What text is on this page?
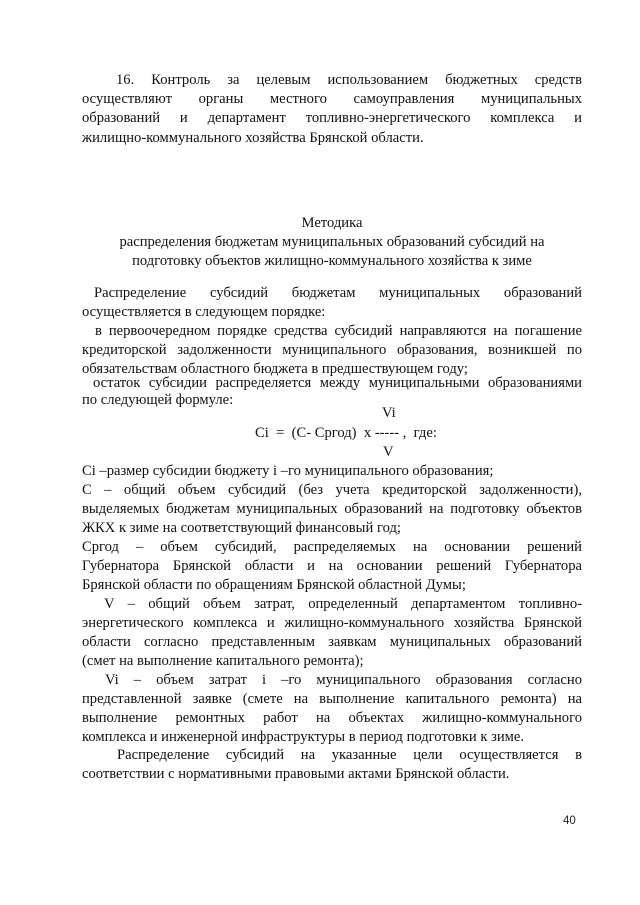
16. Контроль за целевым использованием бюджетных средств
осуществляют органы местного самоуправления муниципальных
образований и департамент топливно-энергетического комплекса и
жилищно-коммунального хозяйства Брянской области.
Методика
распределения бюджетам муниципальных образований субсидий на
подготовку объектов жилищно-коммунального хозяйства к зиме
Распределение субсидий бюджетам муниципальных образований
осуществляется в следующем порядке:
в первоочередном порядке средства субсидий направляются на погашение
кредиторской задолженности муниципального образования, возникшей по
обязательствам областного бюджета в предшествующем году;
остаток субсидии распределяется между муниципальными образованиями
по следующей формуле:
Vi
Ci  =  (С- Сргод)  х ----- ,  где:
V
Ci –размер субсидии бюджету i –го муниципального образования;
С – общий объем субсидий (без учета кредиторской задолженности),
выделяемых бюджетам муниципальных образований на подготовку объектов
ЖКХ к зиме на соответствующий финансовый год;
Сргод – объем субсидий, распределяемых на основании решений
Губернатора Брянской области и на основании решений Губернатора
Брянской области по обращениям Брянской областной Думы;
V – общий объем затрат, определенный департаментом топливно-
энергетического комплекса и жилищно-коммунального хозяйства Брянской
области согласно представленным заявкам муниципальных образований
(смет на выполнение капитального ремонта);
Vi – объем затрат i –го муниципального образования согласно
представленной заявке (смете на выполнение капитального ремонта) на
выполнение ремонтных работ на объектах жилищно-коммунального
комплекса и инженерной инфраструктуры в период подготовки к зиме.
Распределение субсидий на указанные цели осуществляется в
соответствии с нормативными правовыми актами Брянской области.
40
